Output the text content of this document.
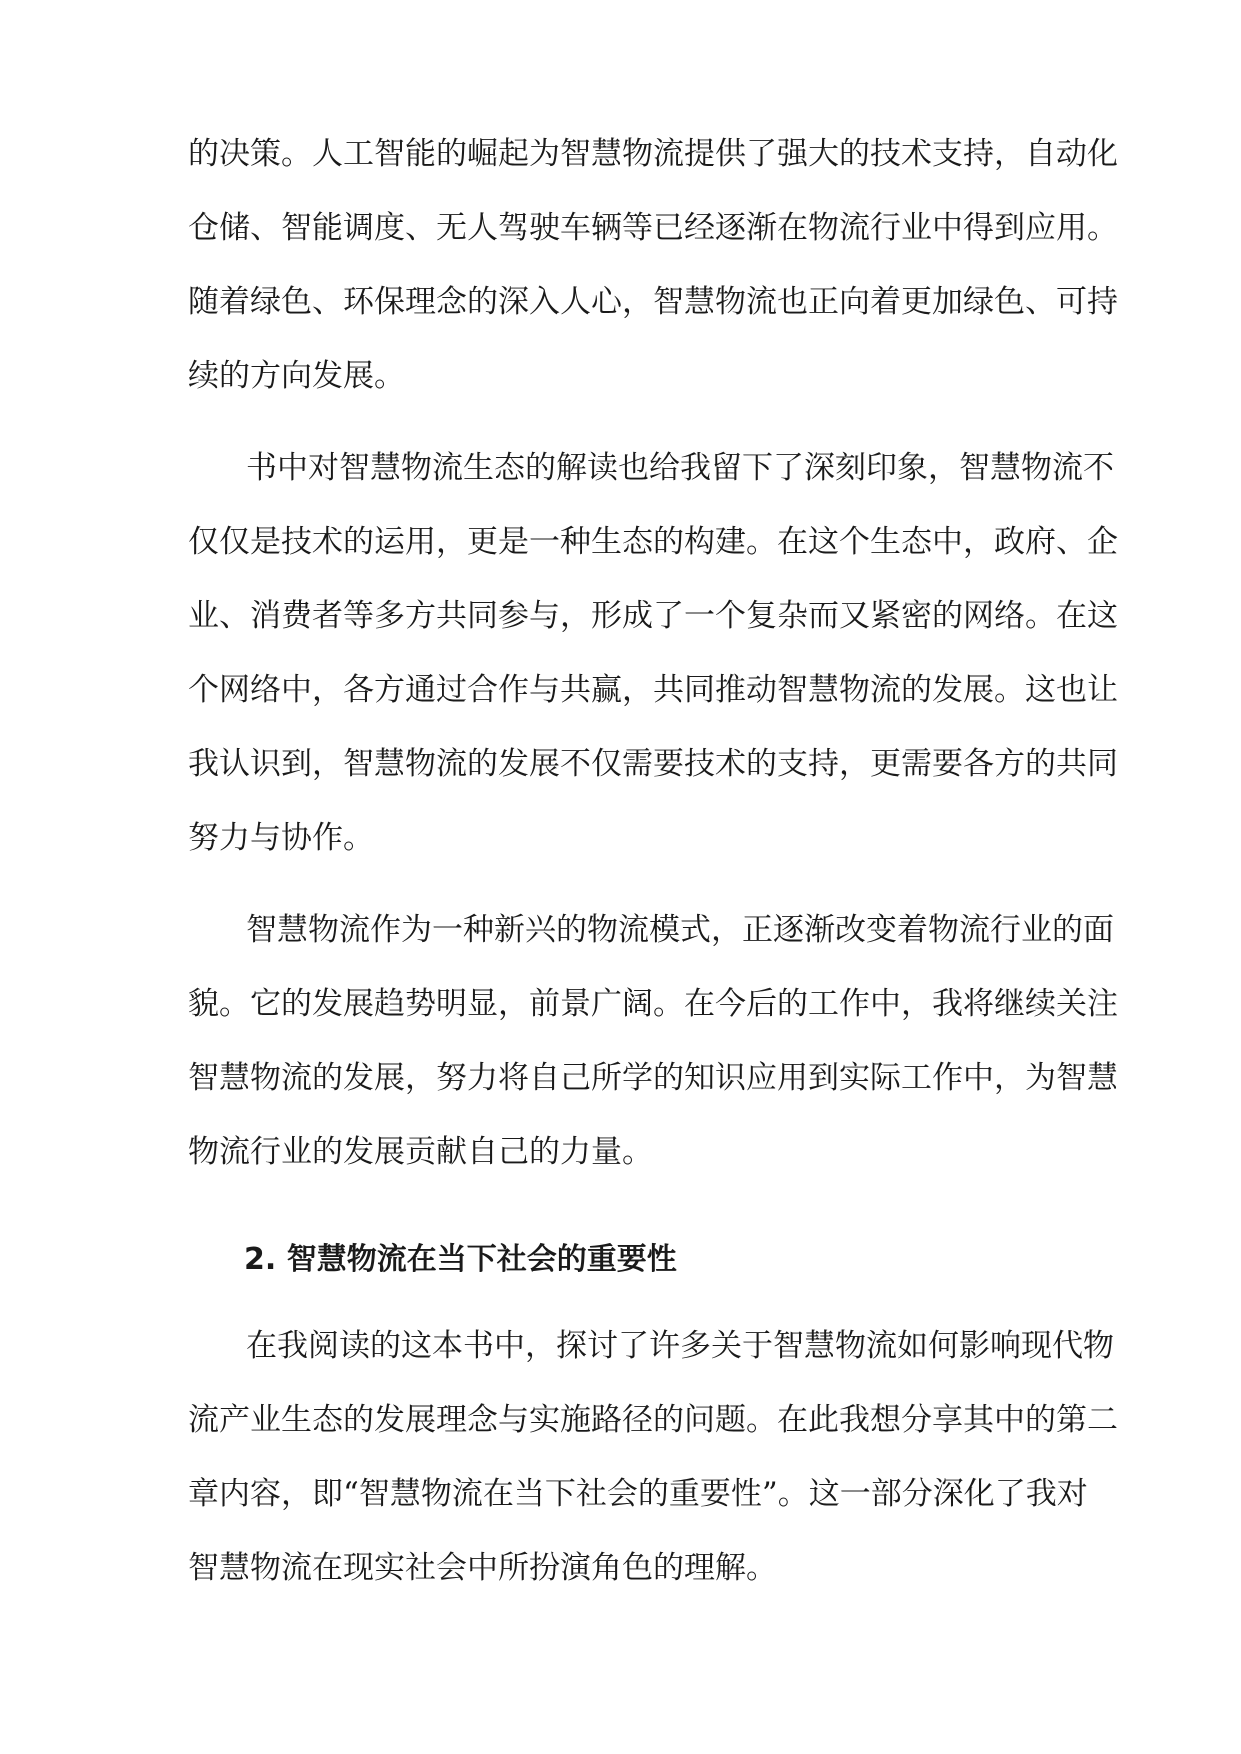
的决策。人工智能的崛起为智慧物流提供了强大的技术支持，自动化
仓储、智能调度、无人驾驶车辆等已经逐渐在物流行业中得到应用。
随着绿色、环保理念的深入人心，智慧物流也正向着更加绿色、可持
续的方向发展。
书中对智慧物流生态的解读也给我留下了深刻印象，智慧物流不
仅仅是技术的运用，更是一种生态的构建。在这个生态中，政府、企
业、消费者等多方共同参与，形成了一个复杂而又紧密的网络。在这
个网络中，各方通过合作与共赢，共同推动智慧物流的发展。这也让
我认识到，智慧物流的发展不仅需要技术的支持，更需要各方的共同
努力与协作。
智慧物流作为一种新兴的物流模式，正逐渐改变着物流行业的面
貌。它的发展趋势明显，前景广阔。在今后的工作中，我将继续关注
智慧物流的发展，努力将自己所学的知识应用到实际工作中，为智慧
物流行业的发展贡献自己的力量。
2. 智慧物流在当下社会的重要性
在我阅读的这本书中，探讨了许多关于智慧物流如何影响现代物
流产业生态的发展理念与实施路径的问题。在此我想分享其中的第二
章内容，即“智慧物流在当下社会的重要性”。这一部分深化了我对
智慧物流在现实社会中所扮演角色的理解。
